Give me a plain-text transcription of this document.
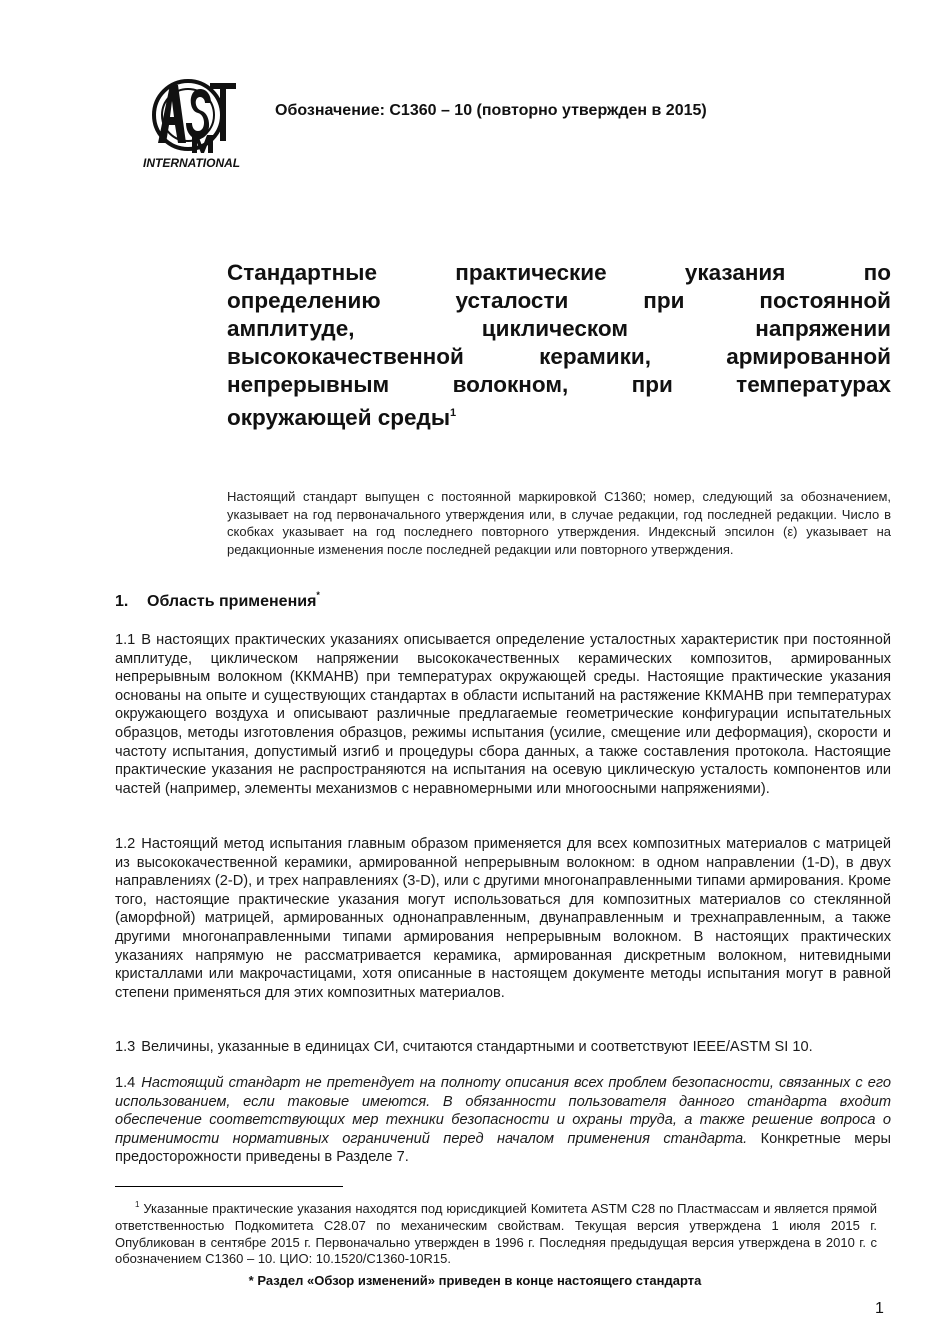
INTERNATIONAL
Обозначение: C1360 – 10 (повторно утвержден в 2015)
Стандартные практические указания по
определению усталости при постоянной
амплитуде, циклическом напряжении
высококачественной керамики, армированной
непрерывным волокном, при температурах
окружающей среды$^1$
Настоящий стандарт выпущен с постоянной маркировкой C1360; номер, следующий за обозначением, указывает на год первоначального утверждения или, в случае редакции, год последней редакции. Число в скобках указывает на год последнего повторного утверждения. Индексный эпсилон (ε) указывает на редакционные изменения после последней редакции или повторного утверждения.
1. Область применения*
1.1 В настоящих практических указаниях описывается определение усталостных характеристик при постоянной амплитуде, циклическом напряжении высококачественных керамических композитов, армированных непрерывным волокном (ККМАНВ) при температурах окружающей среды. Настоящие практические указания основаны на опыте и существующих стандартах в области испытаний на растяжение ККМАНВ при температурах окружающего воздуха и описывают различные предлагаемые геометрические конфигурации испытательных образцов, методы изготовления образцов, режимы испытания (усилие, смещение или деформация), скорости и частоту испытания, допустимый изгиб и процедуры сбора данных, а также составления протокола. Настоящие практические указания не распространяются на испытания на осевую циклическую усталость компонентов или частей (например, элементы механизмов с неравномерными или многоосными напряжениями).
1.2 Настоящий метод испытания главным образом применяется для всех композитных материалов с матрицей из высококачественной керамики, армированной непрерывным волокном: в одном направлении (1-D), в двух направлениях (2-D), и трех направлениях (3-D), или с другими многонаправленными типами армирования. Кроме того, настоящие практические указания могут использоваться для композитных материалов со стеклянной (аморфной) матрицей, армированных однонаправленным, двунаправленным и трехнаправленным, а также другими многонаправленными типами армирования непрерывным волокном. В настоящих практических указаниях напрямую не рассматривается керамика, армированная дискретным волокном, нитевидными кристаллами или макрочастицами, хотя описанные в настоящем документе методы испытания могут в равной степени применяться для этих композитных материалов.
1.3 Величины, указанные в единицах СИ, считаются стандартными и соответствуют IEEE/ASTM SI 10.
1.4 Настоящий стандарт не претендует на полноту описания всех проблем безопасности, связанных с его использованием, если таковые имеются. В обязанности пользователя данного стандарта входит обеспечение соответствующих мер техники безопасности и охраны труда, а также решение вопроса о применимости нормативных ограничений перед началом применения стандарта. Конкретные меры предосторожности приведены в Разделе 7.
$^1$ Указанные практические указания находятся под юрисдикцией Комитета ASTM C28 по Пластмассам и является прямой ответственностью Подкомитета C28.07 по механическим свойствам. Текущая версия утверждена 1 июля 2015 г. Опубликован в сентябре 2015 г. Первоначально утвержден в 1996 г. Последняя предыдущая версия утверждена в 2010 г. с обозначением C1360 – 10. ЦИО: 10.1520/C1360-10R15.
* Раздел «Обзор изменений» приведен в конце настоящего стандарта
1
